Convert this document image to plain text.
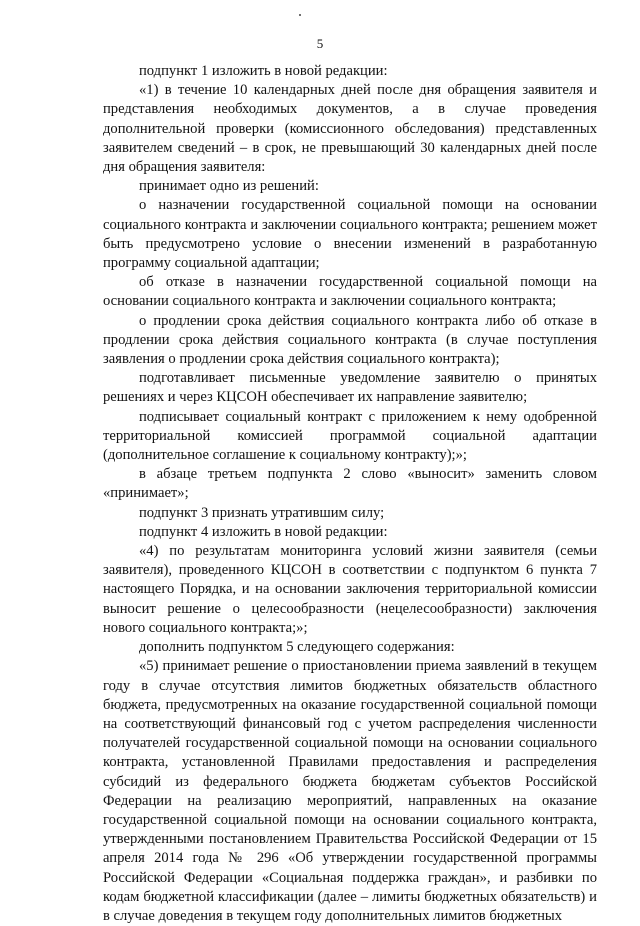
5

подпункт 1 изложить в новой редакции:

«1) в течение 10 календарных дней после дня обращения заявителя и представления необходимых документов, а в случае проведения дополнительной проверки (комиссионного обследования) представленных заявителем сведений – в срок, не превышающий 30 календарных дней после дня обращения заявителя:

принимает одно из решений:

о назначении государственной социальной помощи на основании социального контракта и заключении социального контракта; решением может быть предусмотрено условие о внесении изменений в разработанную программу социальной адаптации;

об отказе в назначении государственной социальной помощи на основании социального контракта и заключении социального контракта;

о продлении срока действия социального контракта либо об отказе в продлении срока действия социального контракта (в случае поступления заявления о продлении срока действия социального контракта);

подготавливает письменные уведомление заявителю о принятых решениях и через КЦСОН обеспечивает их направление заявителю;

подписывает социальный контракт с приложением к нему одобренной территориальной комиссией программой социальной адаптации (дополнительное соглашение к социальному контракту);»;

в абзаце третьем подпункта 2 слово «выносит» заменить словом «принимает»;

подпункт 3 признать утратившим силу;

подпункт 4 изложить в новой редакции:

«4) по результатам мониторинга условий жизни заявителя (семьи заявителя), проведенного КЦСОН в соответствии с подпунктом 6 пункта 7 настоящего Порядка, и на основании заключения территориальной комиссии выносит решение о целесообразности (нецелесообразности) заключения нового социального контракта;»;

дополнить подпунктом 5 следующего содержания:

«5) принимает решение о приостановлении приема заявлений в текущем году в случае отсутствия лимитов бюджетных обязательств областного бюджета, предусмотренных на оказание государственной социальной помощи на соответствующий финансовый год с учетом распределения численности получателей государственной социальной помощи на основании социального контракта, установленной Правилами предоставления и распределения субсидий из федерального бюджета бюджетам субъектов Российской Федерации на реализацию мероприятий, направленных на оказание государственной социальной помощи на основании социального контракта, утвержденными постановлением Правительства Российской Федерации от 15 апреля 2014 года № 296 «Об утверждении государственной программы Российской Федерации «Социальная поддержка граждан», и разбивки по кодам бюджетной классификации (далее – лимиты бюджетных обязательств) и в случае доведения в текущем году дополнительных лимитов бюджетных
